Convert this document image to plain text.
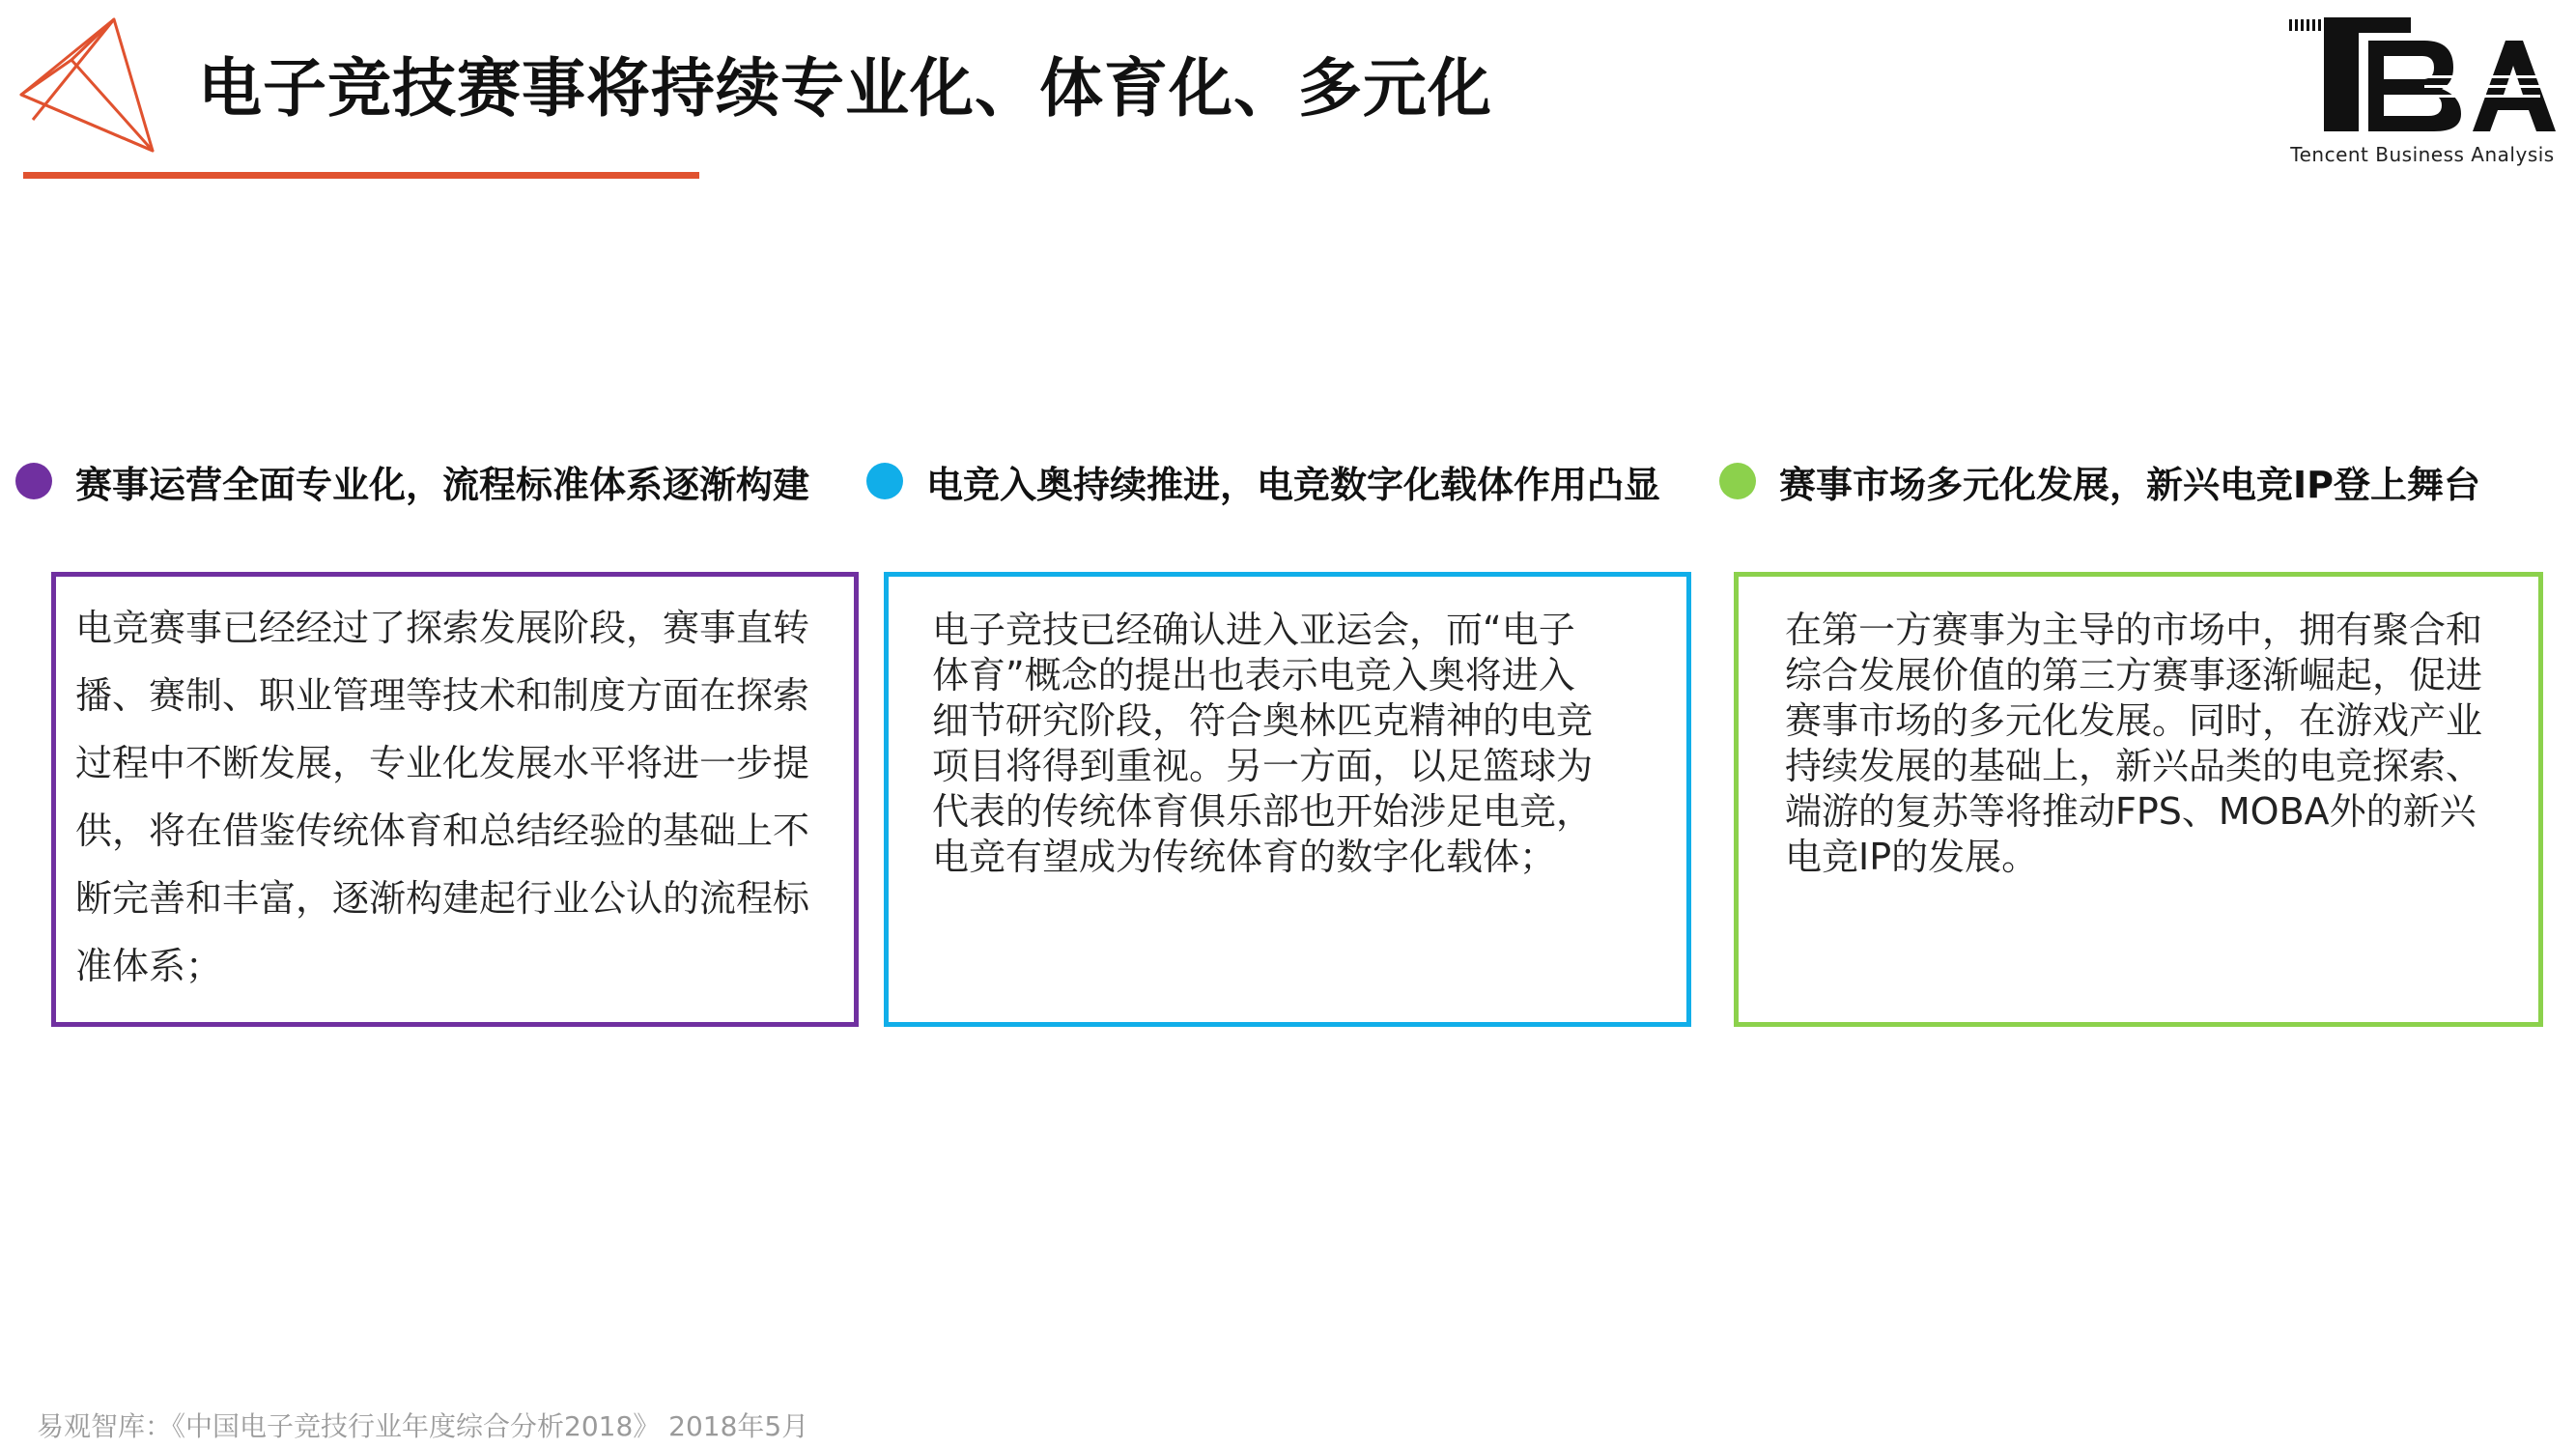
电子竞技赛事将持续专业化、体育化、多元化
Tencent Business Analysis
赛事运营全面专业化，流程标准体系逐渐构建
电竞赛事已经经过了探索发展阶段，赛事直转
播、赛制、职业管理等技术和制度方面在探索
过程中不断发展，专业化发展水平将进一步提
供，将在借鉴传统体育和总结经验的基础上不
断完善和丰富，逐渐构建起行业公认的流程标
准体系；
电竞入奥持续推进，电竞数字化载体作用凸显
电子竞技已经确认进入亚运会，而“电子
体育”概念的提出也表示电竞入奥将进入
细节研究阶段，符合奥林匹克精神的电竞
项目将得到重视。另一方面，以足篮球为
代表的传统体育俱乐部也开始涉足电竞，
电竞有望成为传统体育的数字化载体；
赛事市场多元化发展，新兴电竞IP登上舞台
在第一方赛事为主导的市场中，拥有聚合和
综合发展价值的第三方赛事逐渐崛起，促进
赛事市场的多元化发展。同时，在游戏产业
持续发展的基础上，新兴品类的电竞探索、
端游的复苏等将推动FPS、MOBA外的新兴
电竞IP的发展。
易观智库：《中国电子竞技行业年度综合分析2018》 2018年5月
